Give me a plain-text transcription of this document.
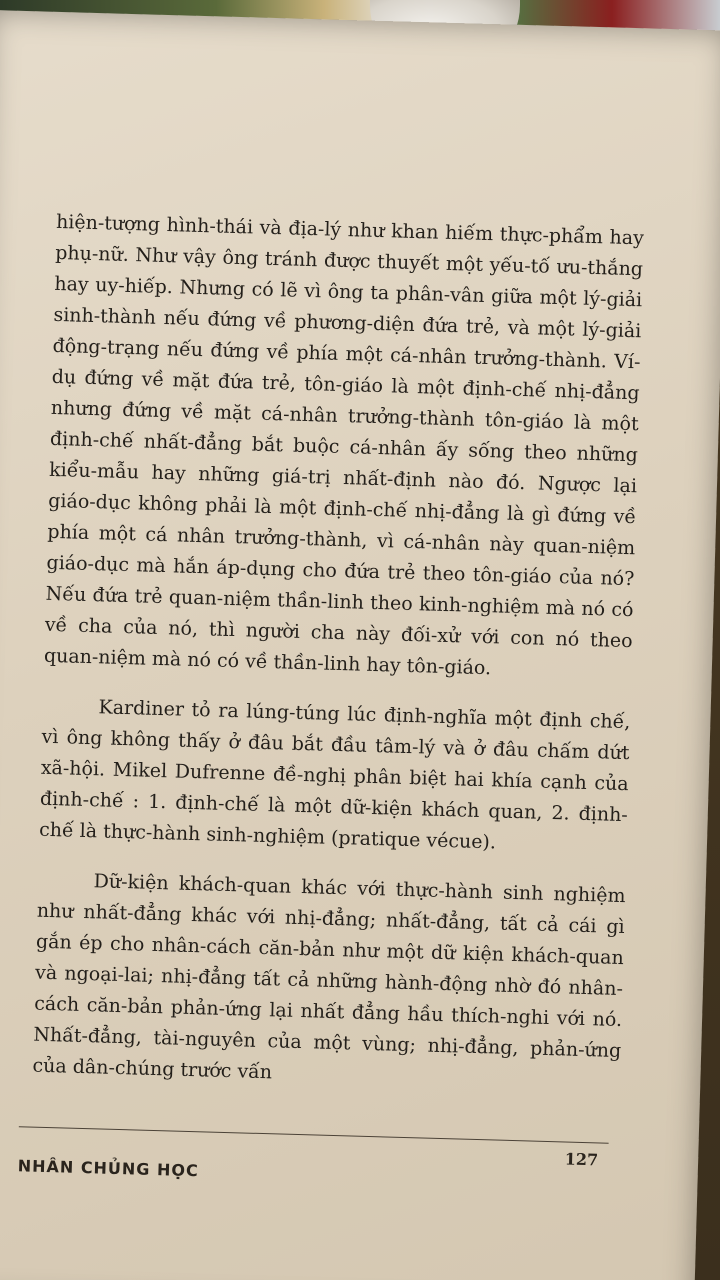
hiện-tượng hình-thái và địa-lý như khan hiếm thực-phẩm hay phụ-nữ. Như vậy ông tránh được thuyết một yếu-tố ưu-thắng hay uy-hiếp. Nhưng có lẽ vì ông ta phân-vân giữa một lý-giải sinh-thành nếu đứng về phương-diện đứa trẻ, và một lý-giải động-trạng nếu đứng về phía một cá-nhân trưởng-thành. Ví-dụ đứng về mặt đứa trẻ, tôn-giáo là một định-chế nhị-đẳng nhưng đứng về mặt cá-nhân trưởng-thành tôn-giáo là một định-chế nhất-đẳng bắt buộc cá-nhân ấy sống theo những kiểu-mẫu hay những giá-trị nhất-định nào đó. Ngược lại giáo-dục không phải là một định-chế nhị-đẳng là gì đứng về phía một cá nhân trưởng-thành, vì cá-nhân này quan-niệm giáo-dục mà hắn áp-dụng cho đứa trẻ theo tôn-giáo của nó? Nếu đứa trẻ quan-niệm thần-linh theo kinh-nghiệm mà nó có về cha của nó, thì người cha này đối-xử với con nó theo quan-niệm mà nó có về thần-linh hay tôn-giáo.

Kardiner tỏ ra lúng-túng lúc định-nghĩa một định chế, vì ông không thấy ở đâu bắt đầu tâm-lý và ở đâu chấm dứt xã-hội. Mikel Dufrenne đề-nghị phân biệt hai khía cạnh của định-chế : 1. định-chế là một dữ-kiện khách quan, 2. định-chế là thực-hành sinh-nghiệm (pratique vécue).

Dữ-kiện khách-quan khác với thực-hành sinh nghiệm như nhất-đẳng khác với nhị-đẳng; nhất-đẳng, tất cả cái gì gắn ép cho nhân-cách căn-bản như một dữ kiện khách-quan và ngoại-lai; nhị-đẳng tất cả những hành-động nhờ đó nhân-cách căn-bản phản-ứng lại nhất đẳng hầu thích-nghi với nó. Nhất-đẳng, tài-nguyên của một vùng; nhị-đẳng, phản-ứng của dân-chúng trước vấn

127
NHÂN CHỦNG HỌC
